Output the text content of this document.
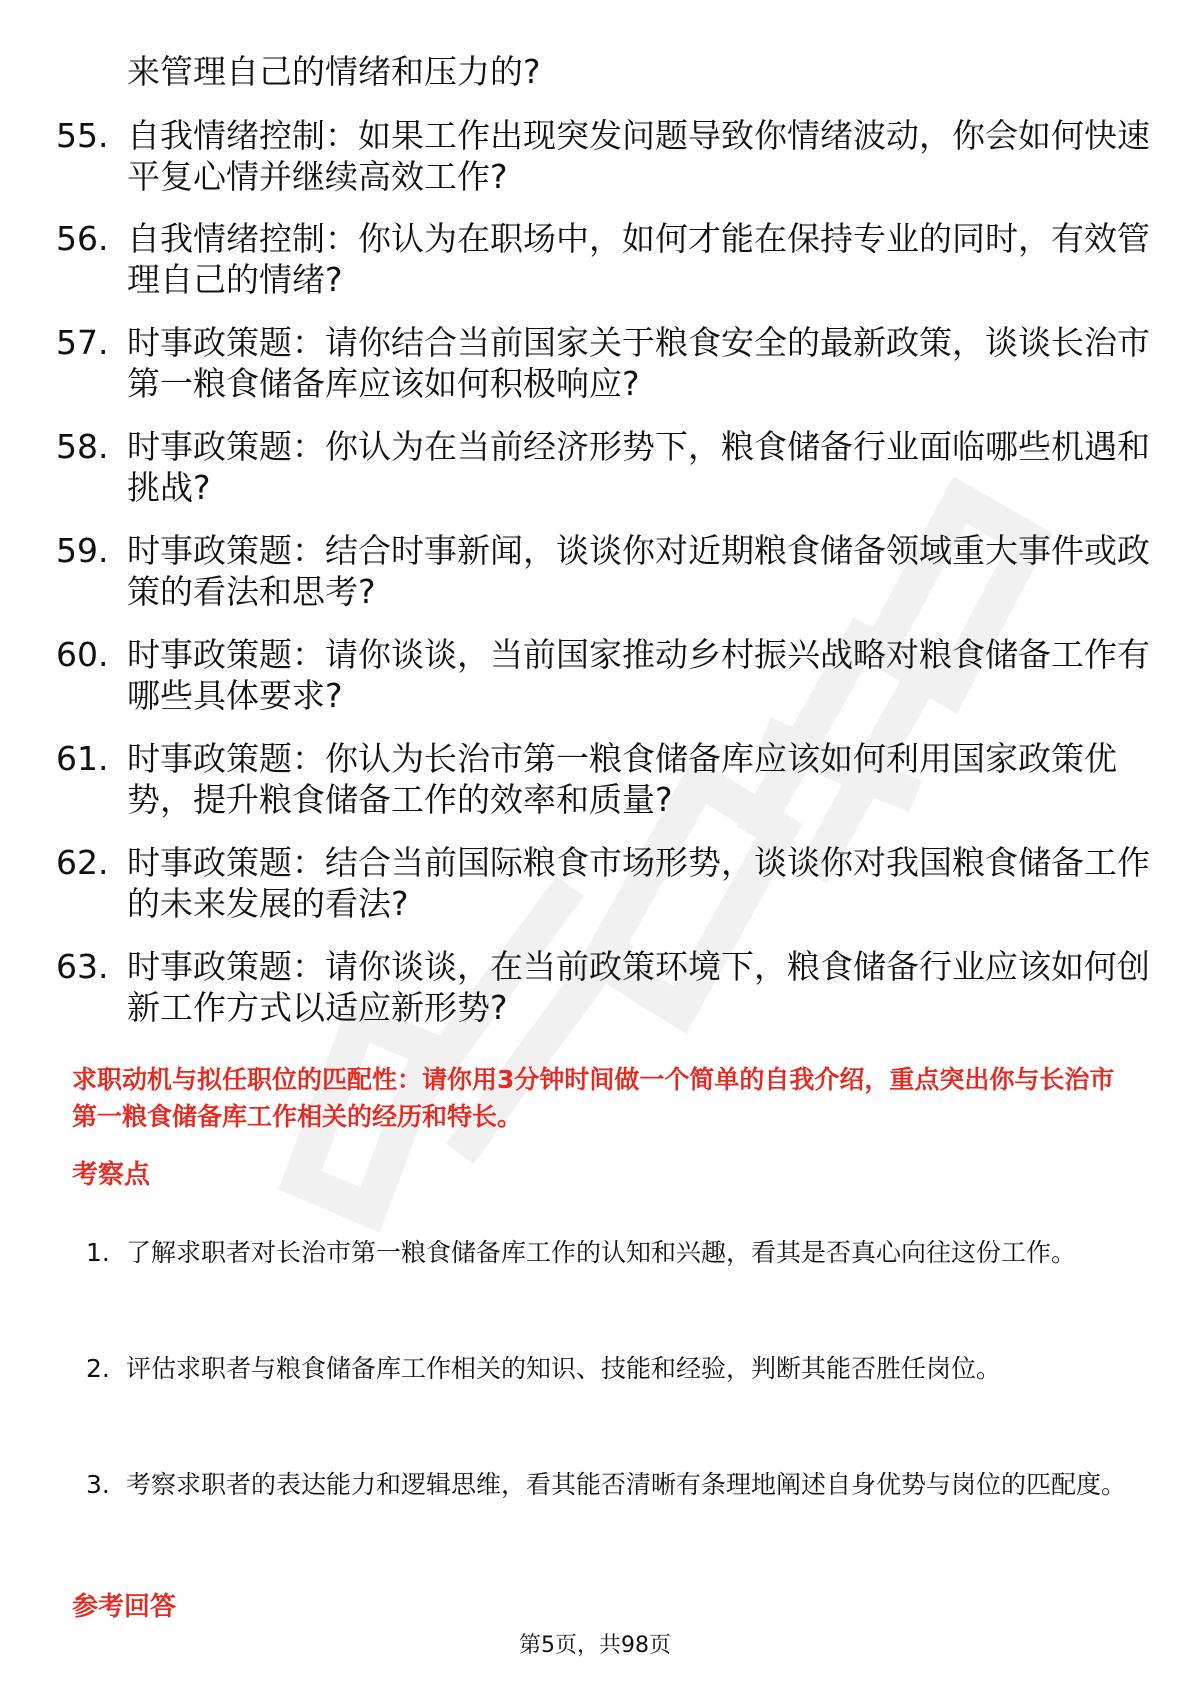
来管理自己的情绪和压力的?
55. 自我情绪控制：如果工作出现突发问题导致你情绪波动，你会如何快速平复心情并继续高效工作?
56. 自我情绪控制：你认为在职场中，如何才能在保持专业的同时，有效管理自己的情绪?
57. 时事政策题：请你结合当前国家关于粮食安全的最新政策，谈谈长治市第一粮食储备库应该如何积极响应?
58. 时事政策题：你认为在当前经济形势下，粮食储备行业面临哪些机遇和挑战?
59. 时事政策题：结合时事新闻，谈谈你对近期粮食储备领域重大事件或政策的看法和思考?
60. 时事政策题：请你谈谈，当前国家推动乡村振兴战略对粮食储备工作有哪些具体要求?
61. 时事政策题：你认为长治市第一粮食储备库应该如何利用国家政策优势，提升粮食储备工作的效率和质量?
62. 时事政策题：结合当前国际粮食市场形势，谈谈你对我国粮食储备工作的未来发展的看法?
63. 时事政策题：请你谈谈，在当前政策环境下，粮食储备行业应该如何创新工作方式以适应新形势?
求职动机与拟任职位的匹配性：请你用3分钟时间做一个简单的自我介绍，重点突出你与长治市第一粮食储备库工作相关的经历和特长。
考察点
1. 了解求职者对长治市第一粮食储备库工作的认知和兴趣，看其是否真心向往这份工作。
2. 评估求职者与粮食储备库工作相关的知识、技能和经验，判断其能否胜任岗位。
3. 考察求职者的表达能力和逻辑思维，看其能否清晰有条理地阐述自身优势与岗位的匹配度。
参考回答
第5页，共98页
